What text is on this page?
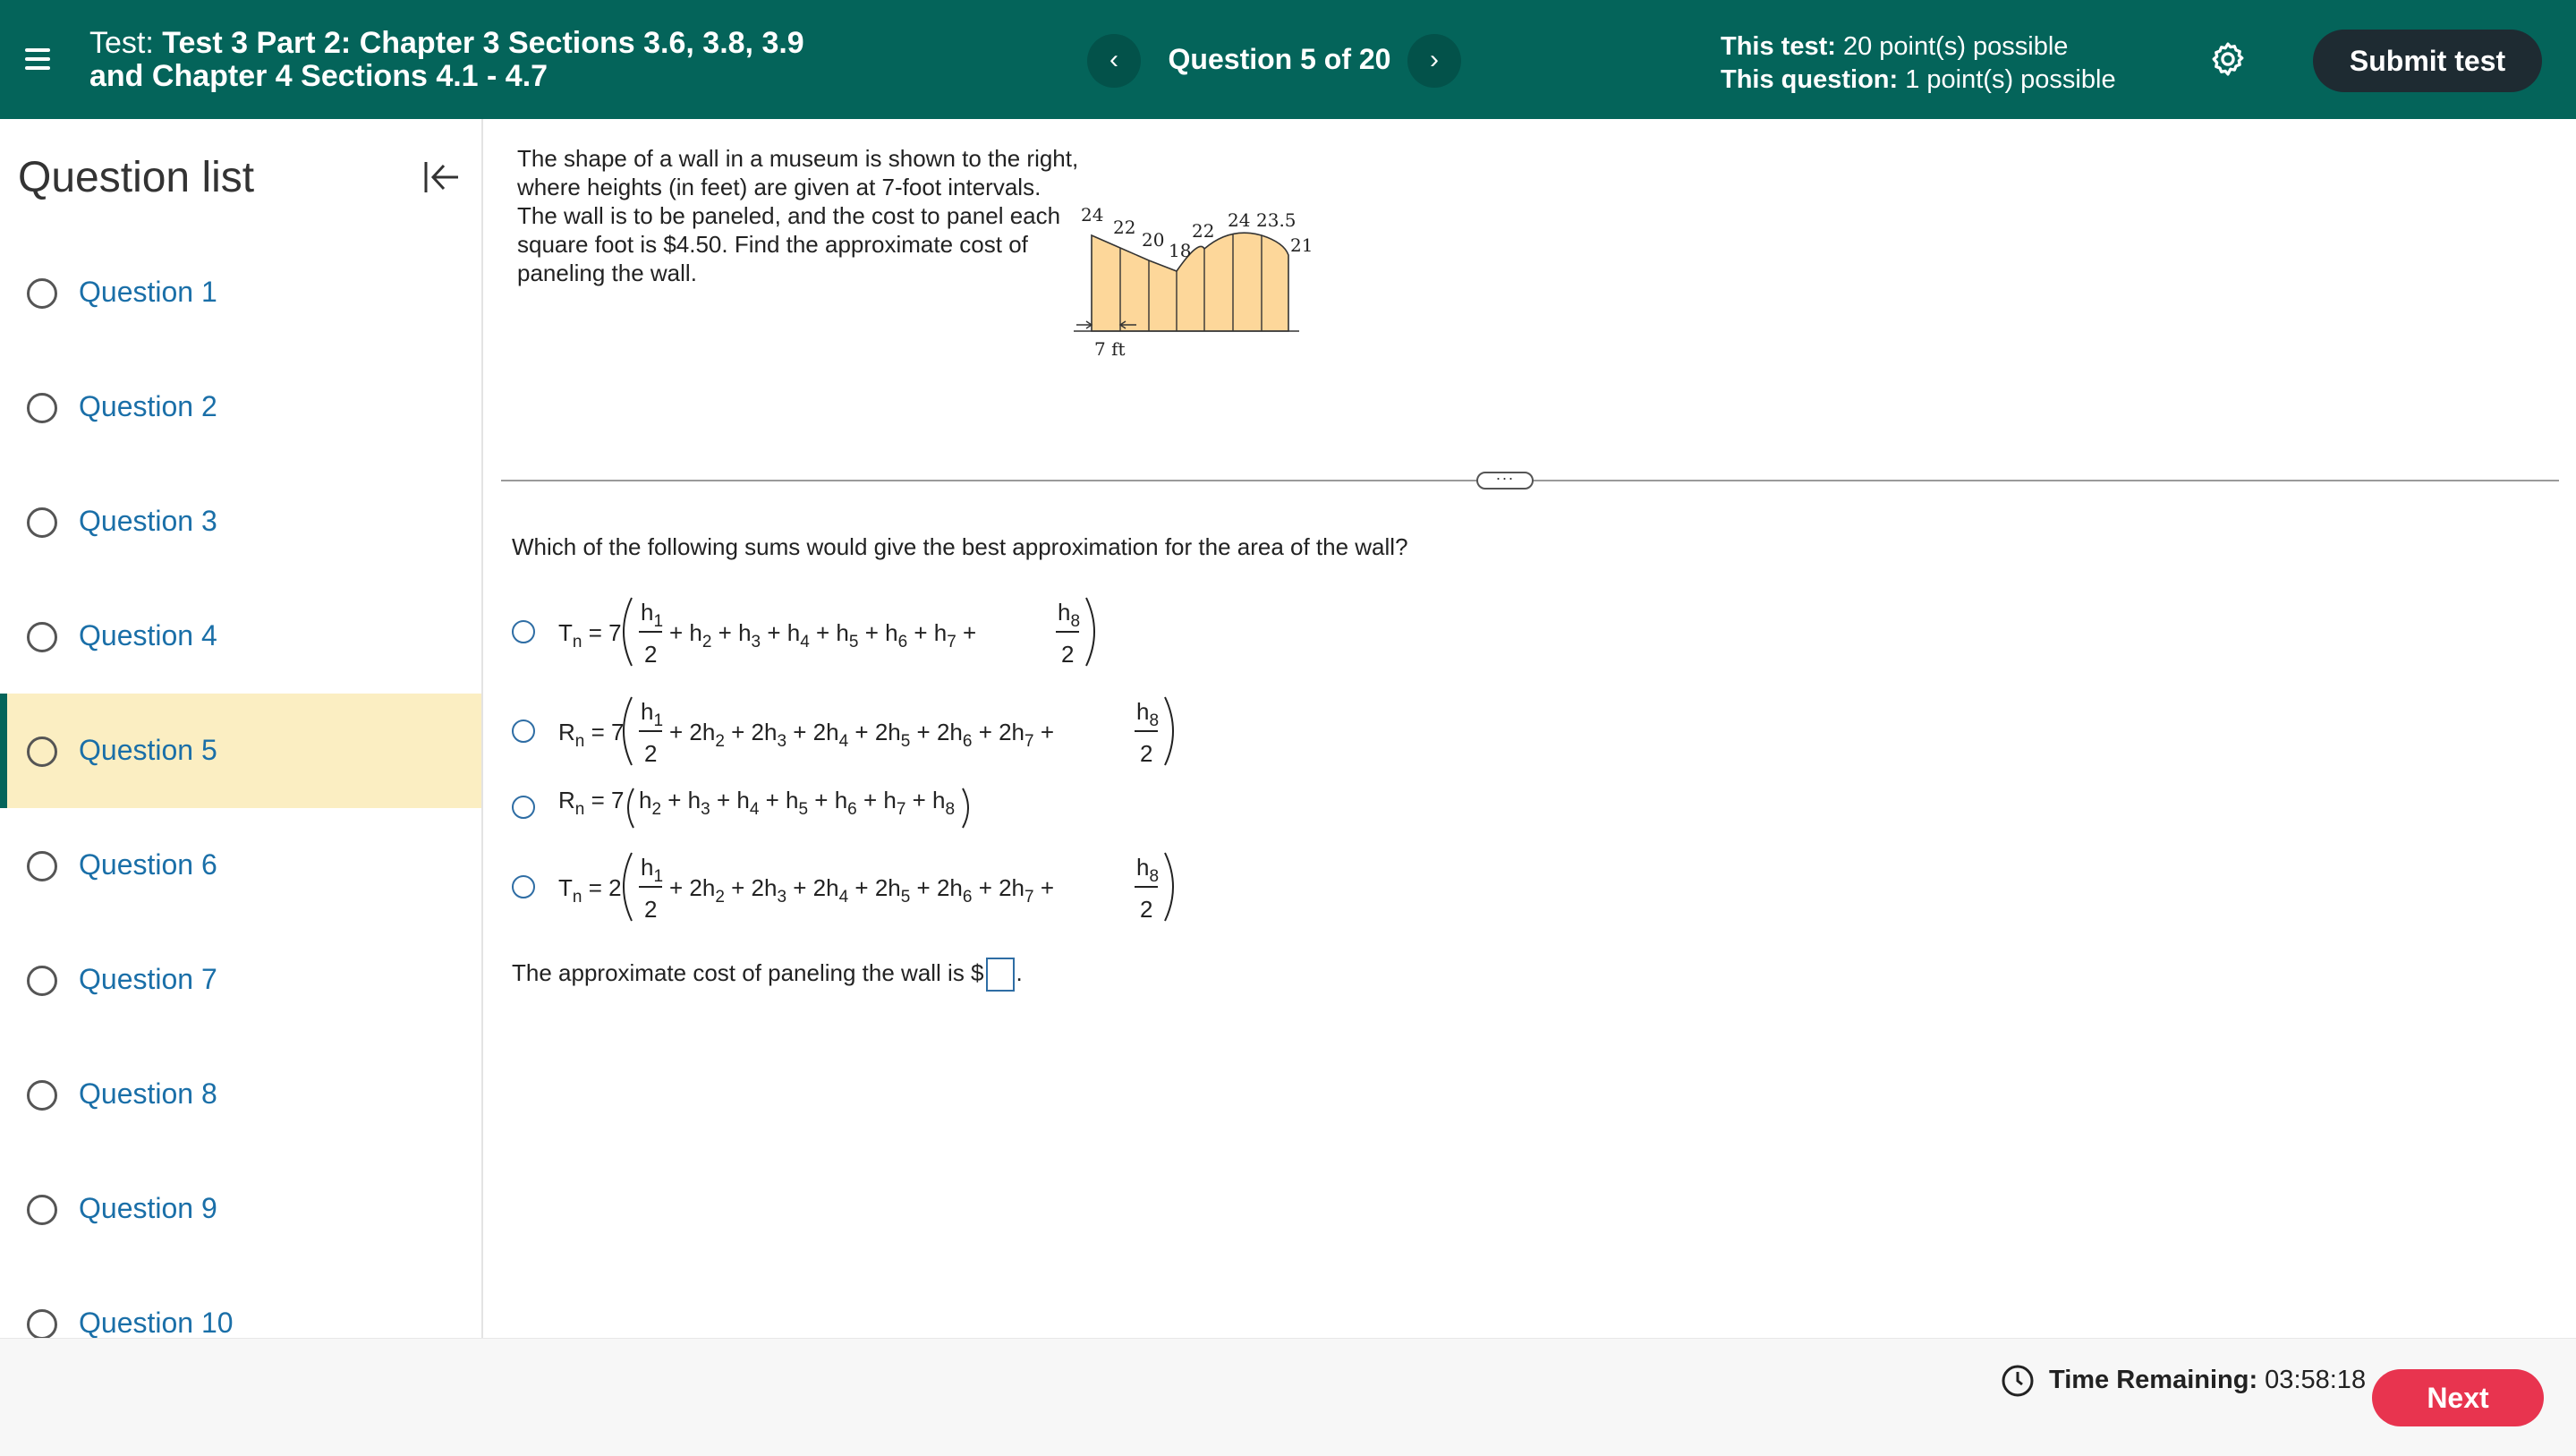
Test: Test 3 Part 2: Chapter 3 Sections 3.6, 3.8, 3.9
and Chapter 4 Sections 4.1 - 4.7	‹	Question 5 of 20	›	This test: 20 point(s) possible
This question: 1 point(s) possible
Submit test
Question list
Question 1
Question 2
Question 3
Question 4
Question 5
Question 6
Question 7
Question 8
Question 9
Question 10
The shape of a wall in a museum is shown to the right, where heights (in feet) are given at 7-foot intervals. The wall is to be paneled, and the cost to panel each square foot is $4.50. Find the approximate cost of paneling the wall.
24
22
20 18
22 24 23.5
21
7 ft
···
Which of the following sums would give the best approximation for the area of the wall?
$T_n = 7$
$h_1$
2
+ $h_2 + h_3 + h_4 + h_5 + h_6 + h_7$ +
$h_8$
2
$R_n = 7$
$h_1$
2
+ $2h_2 + 2h_3 + 2h_4 + 2h_5 + 2h_6 + 2h_7$ +
$h_8$
2
$R_n = 7$ $h_2 + h_3 + h_4 + h_5 + h_6 + h_7 + h_8$
$T_n = 2$
$h_1$
2
+ $2h_2 + 2h_3 + 2h_4 + 2h_5 + 2h_6 + 2h_7$ +
$h_8$
2
The approximate cost of paneling the wall is $ .
Time Remaining: 03:58:18
Next
